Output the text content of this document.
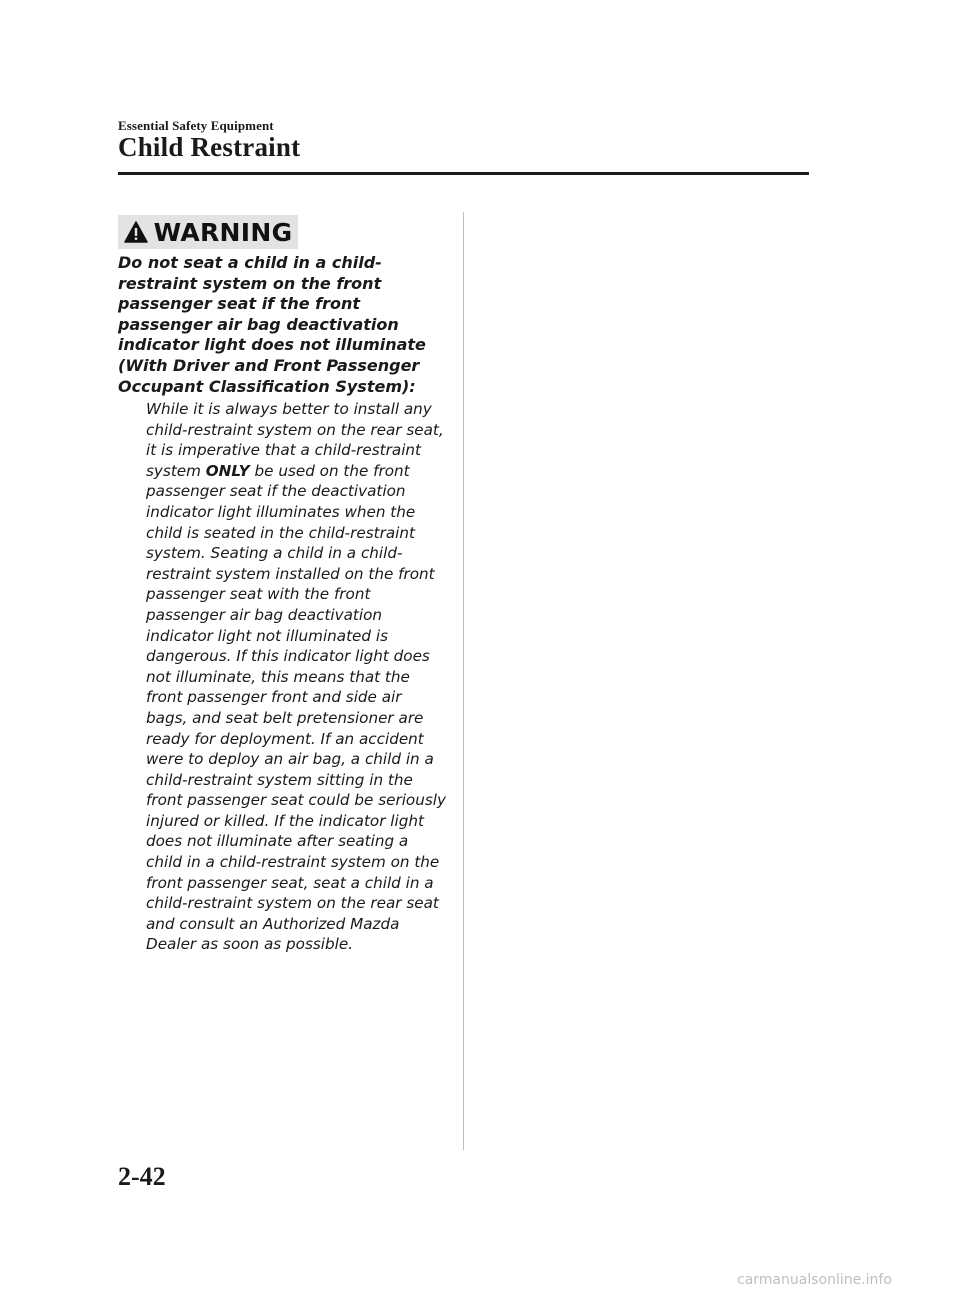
Essential Safety Equipment
Child Restraint
WARNING

Do not seat a child in a child-restraint system on the front passenger seat if the front passenger air bag deactivation indicator light does not illuminate (With Driver and Front Passenger Occupant Classification System):

While it is always better to install any child-restraint system on the rear seat, it is imperative that a child-restraint system ONLY be used on the front passenger seat if the deactivation indicator light illuminates when the child is seated in the child-restraint system. Seating a child in a child-restraint system installed on the front passenger seat with the front passenger air bag deactivation indicator light not illuminated is dangerous. If this indicator light does not illuminate, this means that the front passenger front and side air bags, and seat belt pretensioner are ready for deployment. If an accident were to deploy an air bag, a child in a child-restraint system sitting in the front passenger seat could be seriously injured or killed. If the indicator light does not illuminate after seating a child in a child-restraint system on the front passenger seat, seat a child in a child-restraint system on the rear seat and consult an Authorized Mazda Dealer as soon as possible.

2-42
carmanualsonline.info
